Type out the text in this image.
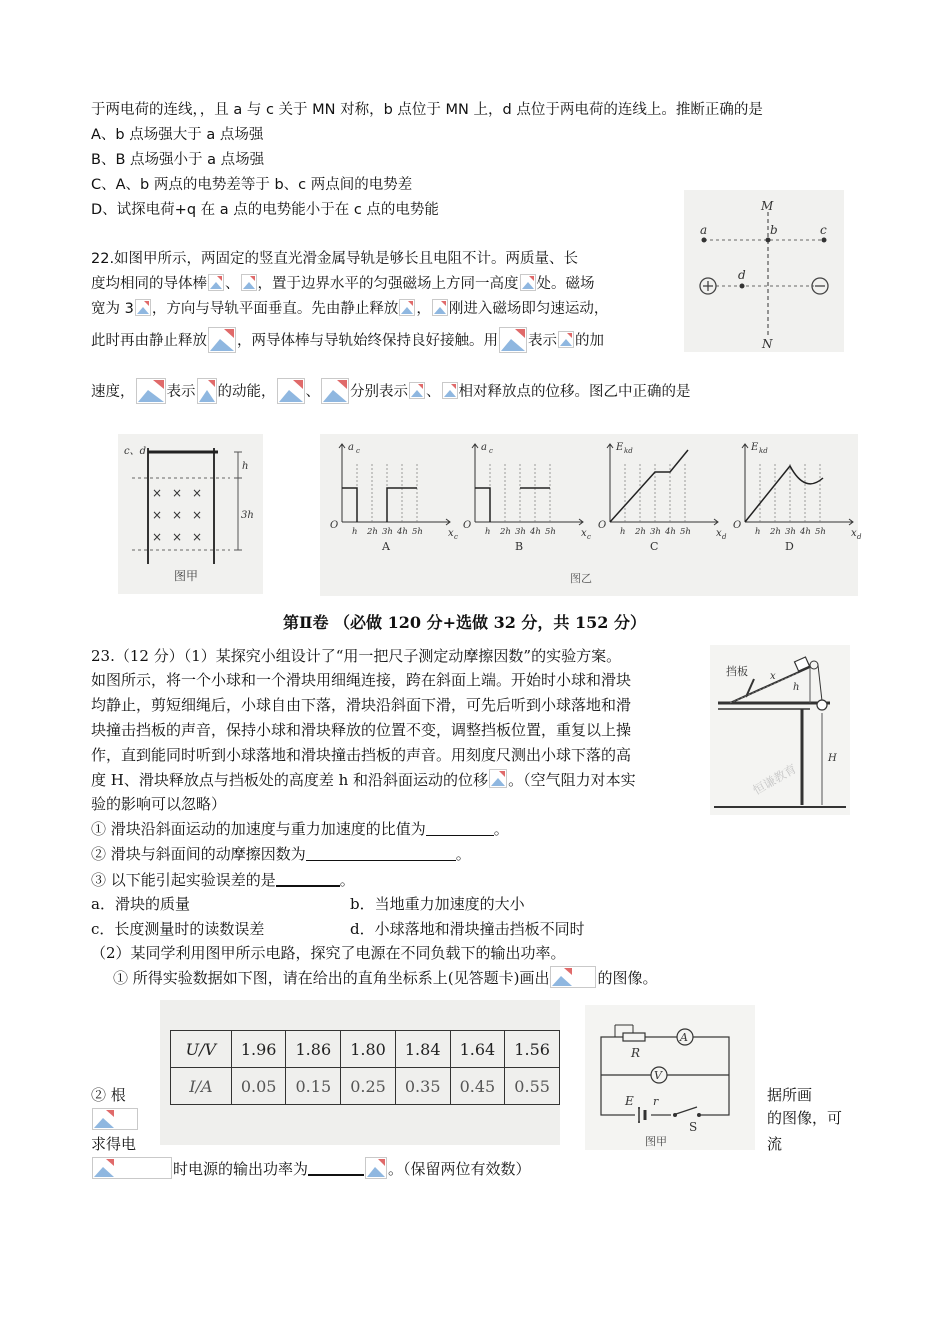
于两电荷的连线，，且 a 与 c 关于 MN 对称，b 点位于 MN 上，d 点位于两电荷的连线上。推断正确的是
A、b 点场强大于 a 点场强
B、B 点场强小于 a 点场强
C、A、b 两点的电势差等于 b、c 两点间的电势差
D、试探电荷+q 在 a 点的电势能小于在 c 点的电势能	M
N
a	b	c
d
22.如图甲所示，两固定的竖直光滑金属导轨是够长且电阻不计。两质量、长
度均相同的导体棒 、 ，置于边界水平的匀强磁场上方同一高度 处。磁场
宽为 3 ，方向与导轨平面垂直。先由静止释放 ， 刚进入磁场即匀速运动，
此时再由静止释放 ，两导体棒与导轨始终保持良好接触。用 表示 的加
速度， 表示 的动能， 、 分别表示 、 相对释放点的位移。图乙中正确的是
× × ×
× × ×
× × ×
c、d
h
3h
图甲
O
h 2h 3h 4h 5h
a c
x c
A
O
h 2h 3h 4h 5h
a c
x c
B
O
h 2h 3h 4h 5h
E kd
x d
C
O
h 2h 3h 4h 5h
E kd
x d
D
图乙
第Ⅱ卷 （必做 120 分+选做 32 分，共 152 分）
23.（12 分）（1）某探究小组设计了“用一把尺子测定动摩擦因数”的实验方案。
如图所示，将一个小球和一个滑块用细绳连接，跨在斜面上端。开始时小球和滑块
均静止，剪短细绳后，小球自由下落，滑块沿斜面下滑，可先后听到小球落地和滑
块撞击挡板的声音，保持小球和滑块释放的位置不变，调整挡板位置，重复以上操
作，直到能同时听到小球落地和滑块撞击挡板的声音。用刻度尺测出小球下落的高
度 H、滑块释放点与挡板处的高度差 h 和沿斜面运动的位移 。（空气阻力对本实
验的影响可以忽略）
① 滑块沿斜面运动的加速度与重力加速度的比值为	。
② 滑块与斜面间的动摩擦因数为	。
③ 以下能引起实验误差的是	。
a．滑块的质量	b．当地重力加速度的大小
c．长度测量时的读数误差	d．小球落地和滑块撞击挡板不同时
（2）某同学利用图甲所示电路，探究了电源在不同负载下的输出功率。
① 所得实验数据如下图，请在给出的直角坐标系上(见答题卡)画出	的图像。
挡板 x
h
H
恒谦教育
U/V	1.96	1.86	1.80	1.84	1.64	1.56
I/A	0.05	0.15	0.25	0.35	0.45	0.55
R
A
V
E r
S
图甲
② 根
求得电
据所画
的图像，可
流
时电源的输出功率为	。（保留两位有效数）
